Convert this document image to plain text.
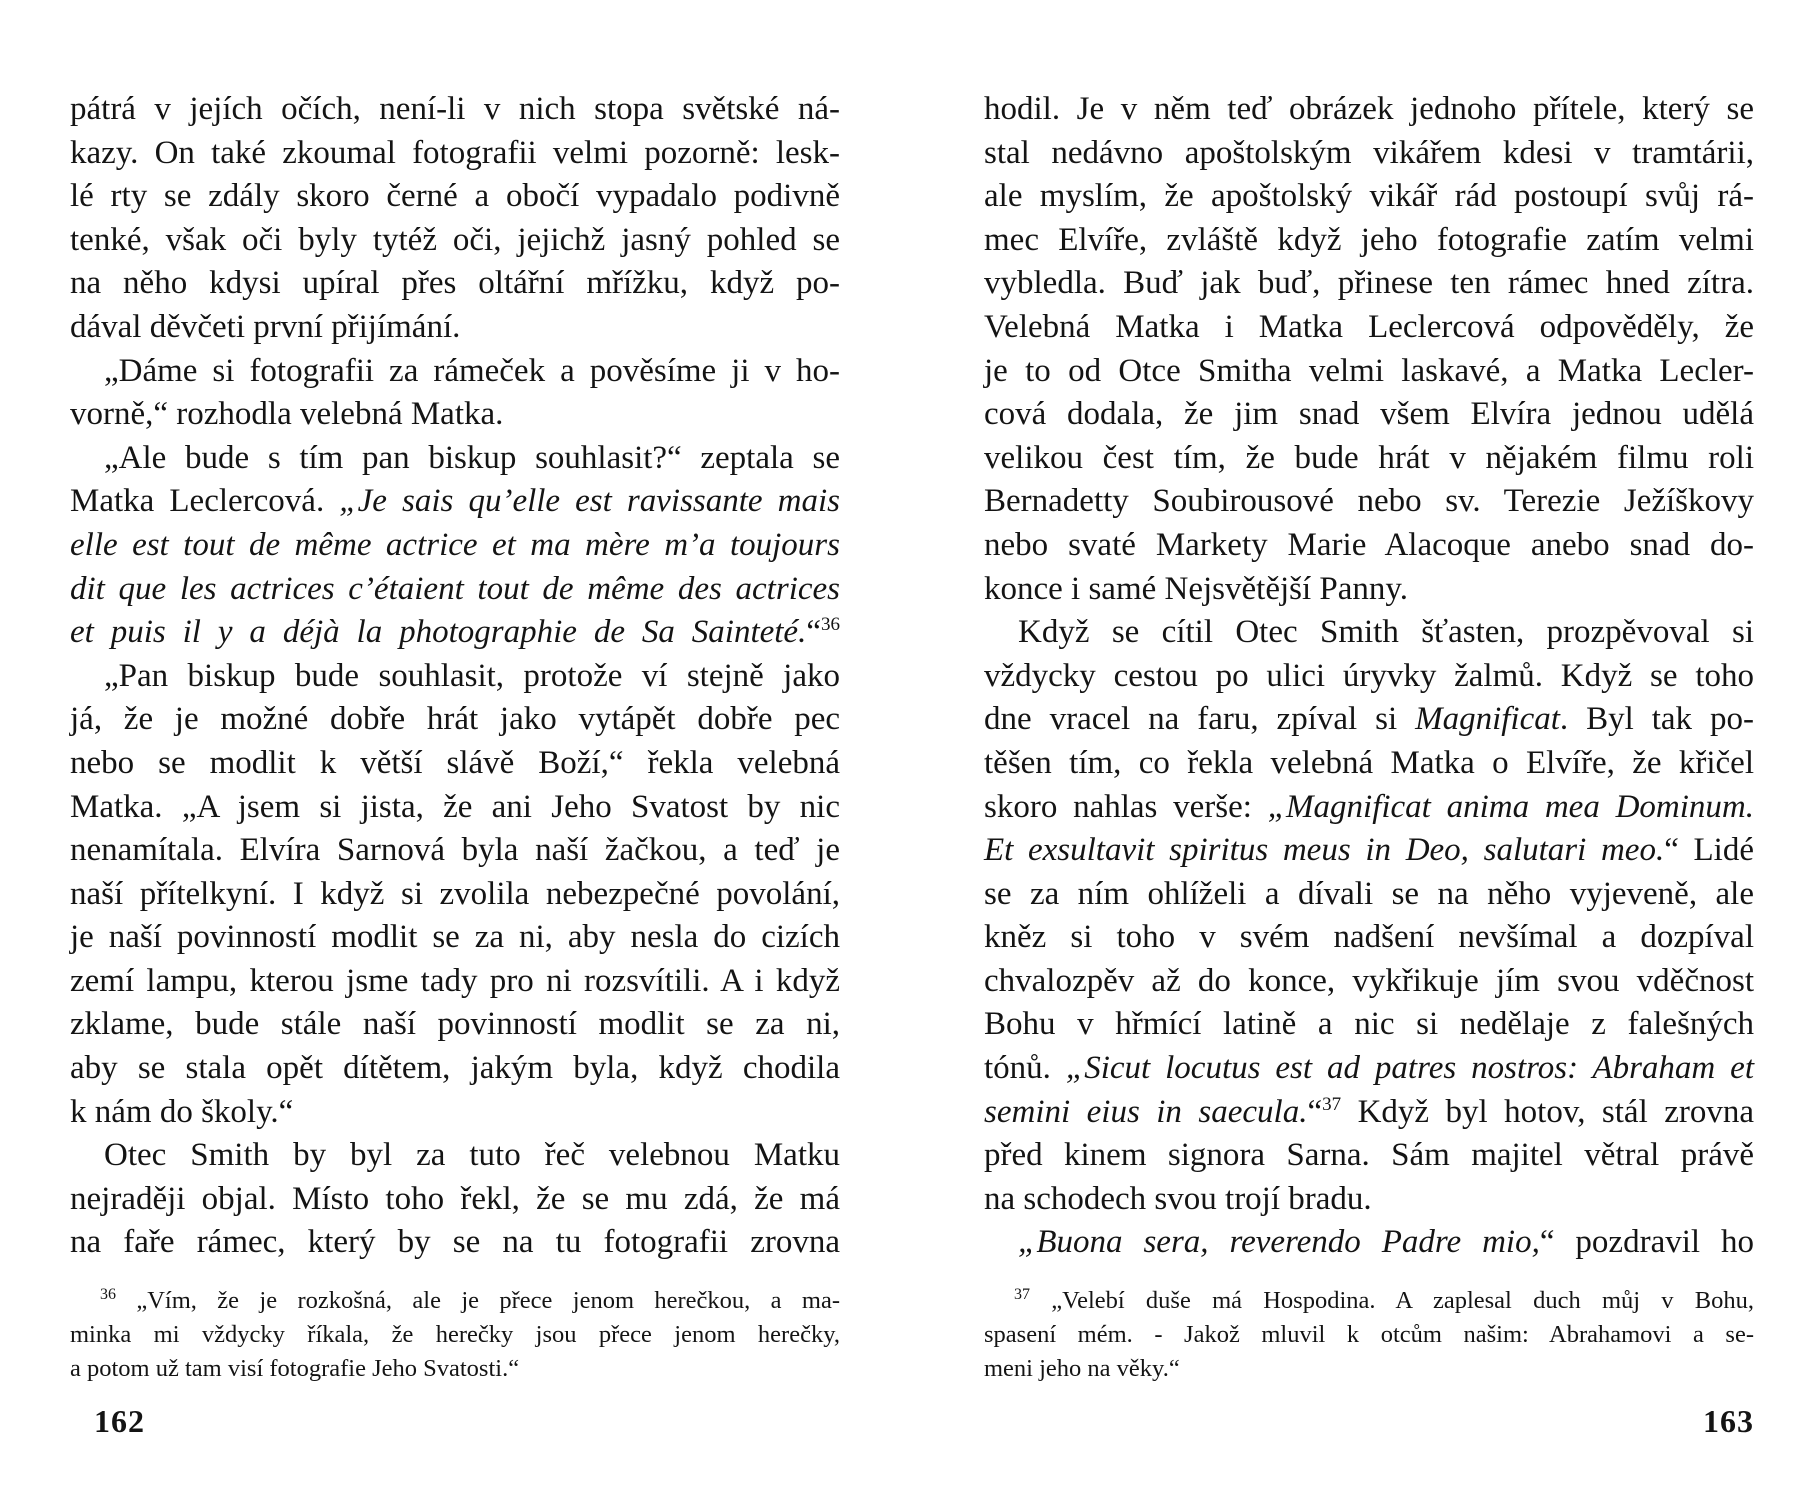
pátrá v jejích očích, není-li v nich stopa světské ná-
kazy. On také zkoumal fotografii velmi pozorně: lesk-
lé rty se zdály skoro černé a obočí vypadalo podivně
tenké, však oči byly tytéž oči, jejichž jasný pohled se
na něho kdysi upíral přes oltářní mřížku, když po-
dával děvčeti první přijímání.
„Dáme si fotografii za rámeček a pověsíme ji v ho-
vorně,“ rozhodla velebná Matka.
„Ale bude s tím pan biskup souhlasit?“ zeptala se
Matka Leclercová. „Je sais qu’elle est ravissante mais
elle est tout de même actrice et ma mère m’a toujours
dit que les actrices c’étaient tout de même des actrices
et puis il y a déjà la photographie de Sa Sainteté.“$^{36}$
„Pan biskup bude souhlasit, protože ví stejně jako
já, že je možné dobře hrát jako vytápět dobře pec
nebo se modlit k větší slávě Boží,“ řekla velebná
Matka. „A jsem si jista, že ani Jeho Svatost by nic
nenamítala. Elvíra Sarnová byla naší žačkou, a teď je
naší přítelkyní. I když si zvolila nebezpečné povolání,
je naší povinností modlit se za ni, aby nesla do cizích
zemí lampu, kterou jsme tady pro ni rozsvítili. A i když
zklame, bude stále naší povinností modlit se za ni,
aby se stala opět dítětem, jakým byla, když chodila
k nám do školy.“
Otec Smith by byl za tuto řeč velebnou Matku
nejraději objal. Místo toho řekl, že se mu zdá, že má
na faře rámec, který by se na tu fotografii zrovna
$^{36}$ „Vím, že je rozkošná, ale je přece jenom herečkou, a ma-
minka mi vždycky říkala, že herečky jsou přece jenom herečky,
a potom už tam visí fotografie Jeho Svatosti.“
162
hodil. Je v něm teď obrázek jednoho přítele, který se
stal nedávno apoštolským vikářem kdesi v tramtárii,
ale myslím, že apoštolský vikář rád postoupí svůj rá-
mec Elvíře, zvláště když jeho fotografie zatím velmi
vybledla. Buď jak buď, přinese ten rámec hned zítra.
Velebná Matka i Matka Leclercová odpověděly, že
je to od Otce Smitha velmi laskavé, a Matka Lecler-
cová dodala, že jim snad všem Elvíra jednou udělá
velikou čest tím, že bude hrát v nějakém filmu roli
Bernadetty Soubirousové nebo sv. Terezie Ježíškovy
nebo svaté Markety Marie Alacoque anebo snad do-
konce i samé Nejsvětější Panny.
Když se cítil Otec Smith šťasten, prozpěvoval si
vždycky cestou po ulici úryvky žalmů. Když se toho
dne vracel na faru, zpíval si Magnificat. Byl tak po-
těšen tím, co řekla velebná Matka o Elvíře, že křičel
skoro nahlas verše: „Magnificat anima mea Dominum.
Et exsultavit spiritus meus in Deo, salutari meo.“ Lidé
se za ním ohlíželi a dívali se na něho vyjeveně, ale
kněz si toho v svém nadšení nevšímal a dozpíval
chvalozpěv až do konce, vykřikuje jím svou vděčnost
Bohu v hřmící latině a nic si nedělaje z falešných
tónů. „Sicut locutus est ad patres nostros: Abraham et
semini eius in saecula.“$^{37}$ Když byl hotov, stál zrovna
před kinem signora Sarna. Sám majitel větral právě
na schodech svou trojí bradu.
„Buona sera, reverendo Padre mio,“ pozdravil ho
$^{37}$ „Velebí duše má Hospodina. A zaplesal duch můj v Bohu,
spasení mém. - Jakož mluvil k otcům našim: Abrahamovi a se-
meni jeho na věky.“
163
